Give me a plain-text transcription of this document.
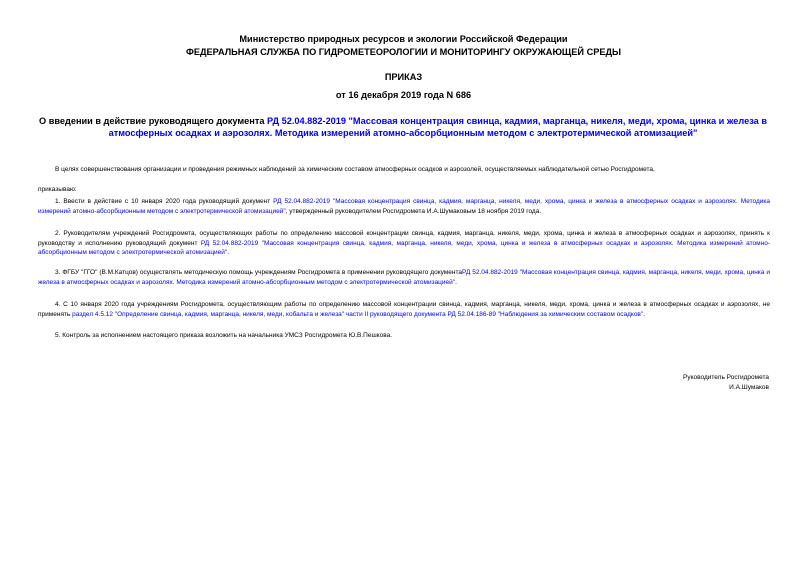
Министерство природных ресурсов и экологии Российской Федерации
ФЕДЕРАЛЬНАЯ СЛУЖБА ПО ГИДРОМЕТЕОРОЛОГИИ И МОНИТОРИНГУ ОКРУЖАЮЩЕЙ СРЕДЫ
ПРИКАЗ
от 16 декабря 2019 года N 686
О введении в действие руководящего документа РД 52.04.882-2019 "Массовая концентрация свинца, кадмия, марганца, никеля, меди, хрома, цинка и железа в атмосферных осадках и аэрозолях. Методика измерений атомно-абсорбционным методом с электротермической атомизацией"
В целях совершенствования организации и проведения режимных наблюдений за химическим составом атмосферных осадков и аэрозолей, осуществляемых наблюдательной сетью Росгидромета,
приказываю:
1. Ввести в действие с 10 января 2020 года руководящий документ РД 52.04.882-2019 "Массовая концентрация свинца, кадмия, марганца, никеля, меди, хрома, цинка и железа в атмосферных осадках и аэрозолях. Методика измерений атомно-абсорбционным методом с электротермической атомизацией", утвержденный руководителем Росгидромета И.А.Шумаковым 18 ноября 2019 года.
2. Руководителям учреждений Росгидромета, осуществляющих работы по определению массовой концентрации свинца, кадмия, марганца, никеля, меди, хрома, цинка и железа в атмосферных осадках и аэрозолях, принять к руководству и исполнению руководящий документ РД 52.04.882-2019 "Массовая концентрация свинца, кадмия, марганца, никеля, меди, хрома, цинка и железа в атмосферных осадках и аэрозолях. Методика измерений атомно-абсорбционным методом с электротермической атомизацией".
3. ФГБУ "ГГО" (В.М.Катцов) осуществлять методическую помощь учреждениям Росгидромета в применении руководящего документаРД 52.04.882-2019 "Массовая концентрация свинца, кадмия, марганца, никеля, меди, хрома, цинка и железа в атмосферных осадках и аэрозолях. Методика измерений атомно-абсорбционным методом с электротермической атомизацией".
4. С 10 января 2020 года учреждениям Росгидромета, осуществляющим работы по определению массовой концентрации свинца, кадмия, марганца, никеля, меди, хрома, цинка и железа в атмосферных осадках и аэрозолях, не применять раздел 4.5.12 "Определение свинца, кадмия, марганца, никеля, меди, кобальта и железа" части II руководящего документа РД 52.04.186-89 "Наблюдения за химическим составом осадков".
5. Контроль за исполнением настоящего приказа возложить на начальника УМСЗ Росгидромета Ю.В.Пешкова.
Руководитель Росгидромета
И.А.Шумаков
